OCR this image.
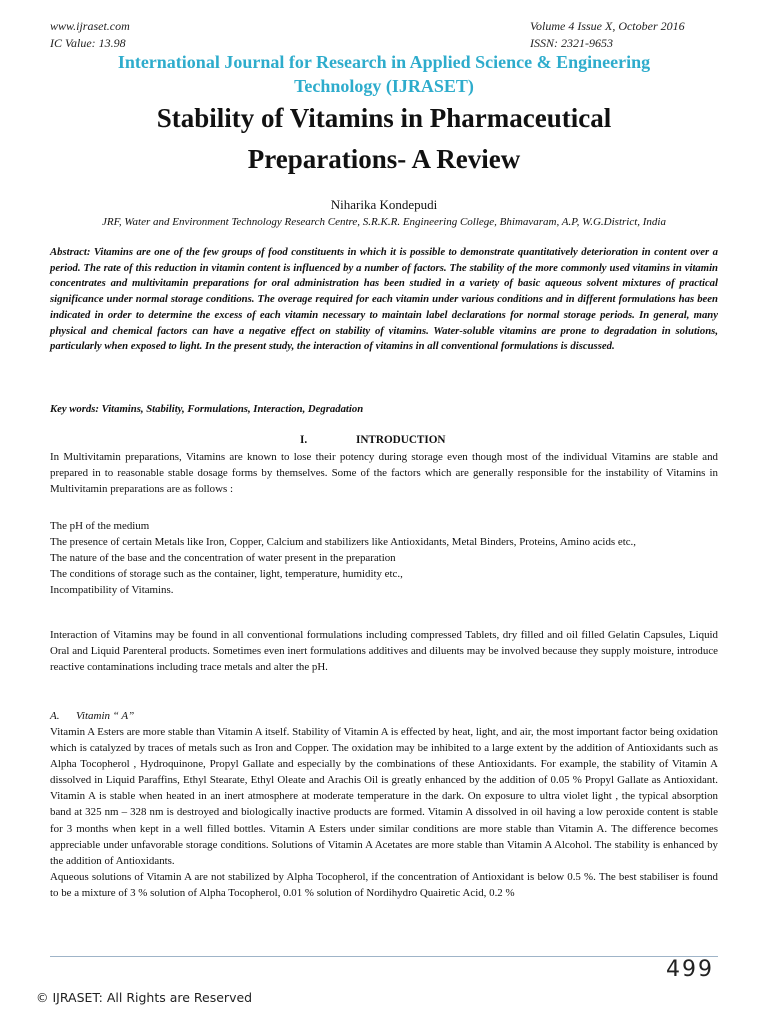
www.ijraset.com
IC Value: 13.98
Volume 4 Issue X, October 2016
ISSN: 2321-9653
International Journal for Research in Applied Science & Engineering
Technology (IJRASET)
Stability of Vitamins in Pharmaceutical
Preparations- A Review
Niharika Kondepudi
JRF, Water and Environment Technology Research Centre, S.R.K.R. Engineering College, Bhimavaram, A.P, W.G.District, India
Abstract: Vitamins are one of the few groups of food constituents in which it is possible to demonstrate quantitatively deterioration in content over a period. The rate of this reduction in vitamin content is influenced by a number of factors. The stability of the more commonly used vitamins in vitamin concentrates and multivitamin preparations for oral administration has been studied in a variety of basic aqueous solvent mixtures of practical significance under normal storage conditions. The overage required for each vitamin under various conditions and in different formulations has been indicated in order to determine the excess of each vitamin necessary to maintain label declarations for normal storage periods. In general, many physical and chemical factors can have a negative effect on stability of vitamins. Water-soluble vitamins are prone to degradation in solutions, particularly when exposed to light. In the present study, the interaction of vitamins in all conventional formulations is discussed.
Key words: Vitamins, Stability, Formulations, Interaction, Degradation
I.	INTRODUCTION
In Multivitamin preparations, Vitamins are known to lose their potency during storage even though most of the individual Vitamins are stable and prepared in to reasonable stable dosage forms by themselves. Some of the factors which are generally responsible for the instability of Vitamins in Multivitamin preparations are as follows :
The pH of the medium
The presence of certain Metals like Iron, Copper, Calcium and stabilizers like Antioxidants, Metal Binders, Proteins, Amino acids etc.,
The nature of the base and the concentration of water present in the preparation
The conditions of storage such as the container, light, temperature, humidity etc.,
Incompatibility of Vitamins.
Interaction of Vitamins may be found in all conventional formulations including compressed Tablets, dry filled and oil filled Gelatin Capsules, Liquid Oral and Liquid Parenteral products. Sometimes even inert formulations additives and diluents may be involved because they supply moisture, introduce reactive contaminations including trace metals and alter the pH.
A. Vitamin “ A”

Vitamin A Esters are more stable than Vitamin A itself. Stability of Vitamin A is effected by heat, light, and air, the most important factor being oxidation which is catalyzed by traces of metals such as Iron and Copper. The oxidation may be inhibited to a large extent by the addition of Antioxidants such as Alpha Tocopherol , Hydroquinone, Propyl Gallate and especially by the combinations of these Antioxidants. For example, the stability of Vitamin A dissolved in Liquid Paraffins, Ethyl Stearate, Ethyl Oleate and Arachis Oil is greatly enhanced by the addition of 0.05 % Propyl Gallate as Antioxidant. Vitamin A is stable when heated in an inert atmosphere at moderate temperature in the dark. On exposure to ultra violet light , the typical absorption band at 325 nm – 328 nm is destroyed and biologically inactive products are formed. Vitamin A dissolved in oil having a low peroxide content is stable for 3 months when kept in a well filled bottles. Vitamin A Esters under similar conditions are more stable than Vitamin A. The difference becomes appreciable under unfavorable storage conditions. Solutions of Vitamin A Acetates are more stable than Vitamin A Alcohol. The stability is enhanced by the addition of Antioxidants.

Aqueous solutions of Vitamin A are not stabilized by Alpha Tocopherol, if the concentration of Antioxidant is below 0.5 %. The best stabiliser is found to be a mixture of 3 % solution of Alpha Tocopherol, 0.01 % solution of Nordihydro Quairetic Acid, 0.2 %

499
© IJRASET: All Rights are Reserved
